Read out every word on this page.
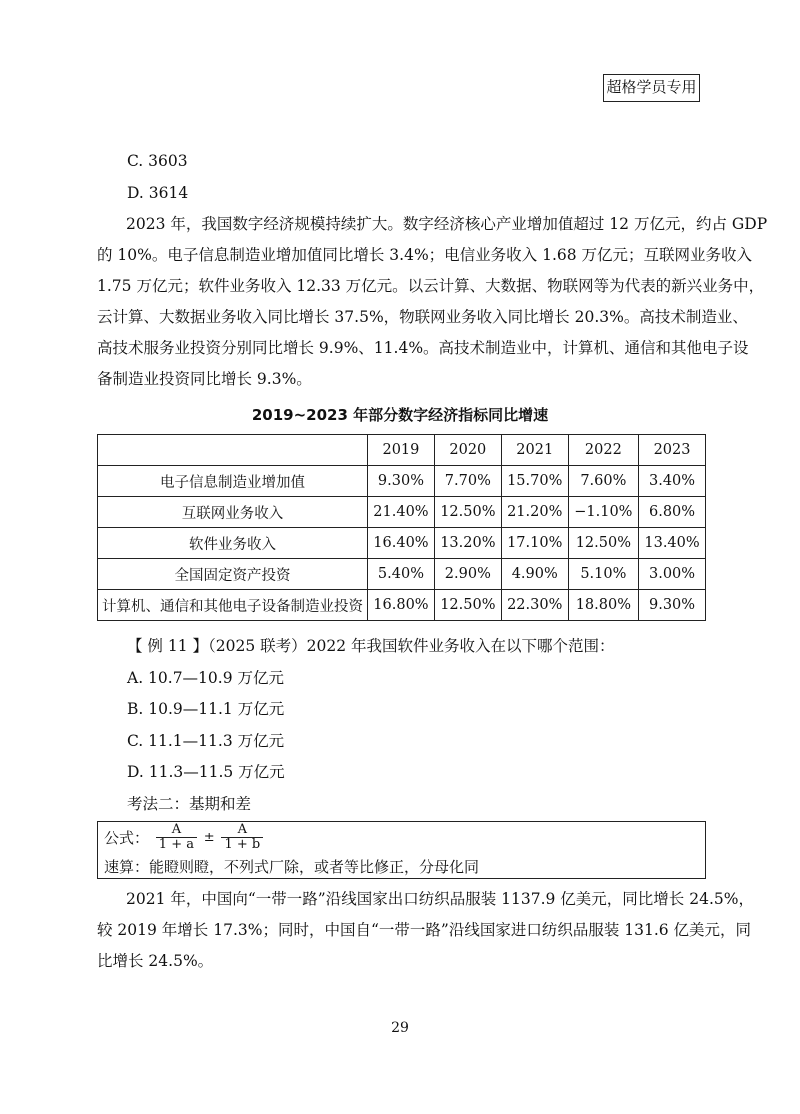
超格学员专用
C. 3603
D. 3614
2023 年，我国数字经济规模持续扩大。数字经济核心产业增加值超过 12 万亿元，约占 GDP
的 10%。电子信息制造业增加值同比增长 3.4%；电信业务收入 1.68 万亿元；互联网业务收入
1.75 万亿元；软件业务收入 12.33 万亿元。以云计算、大数据、物联网等为代表的新兴业务中，
云计算、大数据业务收入同比增长 37.5%，物联网业务收入同比增长 20.3%。高技术制造业、
高技术服务业投资分别同比增长 9.9%、11.4%。高技术制造业中，计算机、通信和其他电子设
备制造业投资同比增长 9.3%。
2019~2023 年部分数字经济指标同比增速
	2019	2020	2021	2022	2023
电子信息制造业增加值	9.30%	7.70%	15.70%	7.60%	3.40%
互联网业务收入	21.40%	12.50%	21.20%	−1.10%	6.80%
软件业务收入	16.40%	13.20%	17.10%	12.50%	13.40%
全国固定资产投资	5.40%	2.90%	4.90%	5.10%	3.00%
计算机、通信和其他电子设备制造业投资	16.80%	12.50%	22.30%	18.80%	9.30%
【 例 11 】（2025 联考）2022 年我国软件业务收入在以下哪个范围：
A. 10.7—10.9 万亿元
B. 10.9—11.1 万亿元
C. 11.1—11.3 万亿元
D. 11.3—11.5 万亿元
考法二：基期和差
公式： $\frac{A}{1 + a} \pm \frac{A}{1 + b}$
速算：能瞪则瞪，不列式厂除，或者等比修正，分母化同
2021 年，中国向“一带一路”沿线国家出口纺织品服装 1137.9 亿美元，同比增长 24.5%，
较 2019 年增长 17.3%；同时，中国自“一带一路”沿线国家进口纺织品服装 131.6 亿美元，同
比增长 24.5%。
29
